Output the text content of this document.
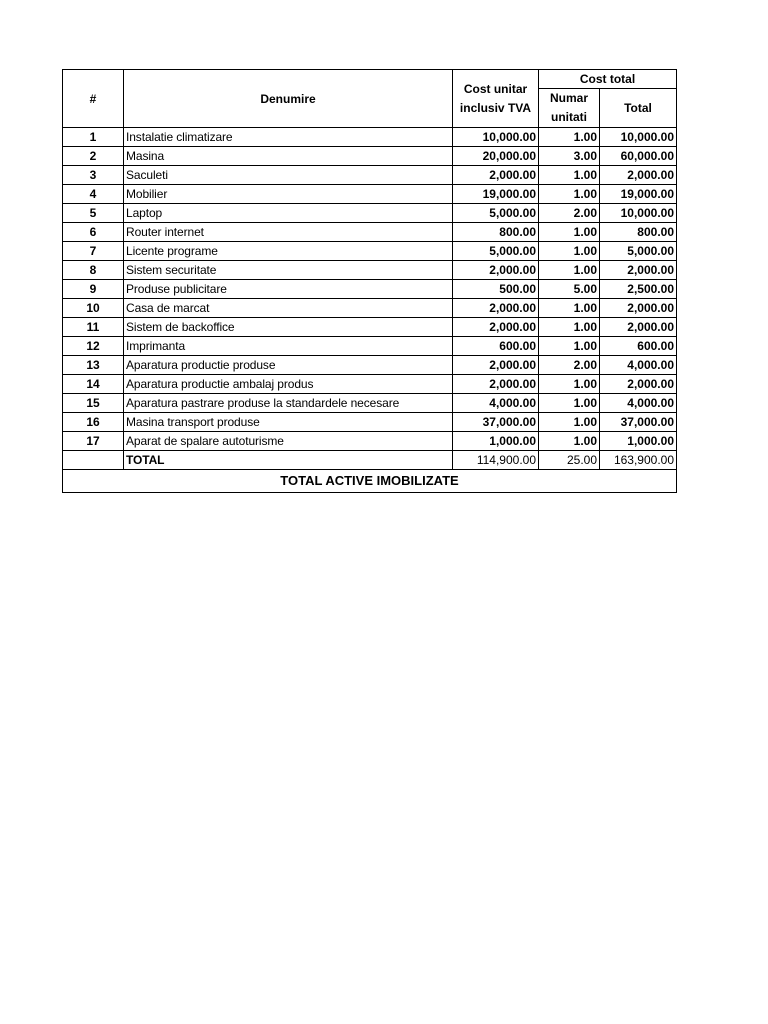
#	Denumire	Cost unitar inclusiv TVA	Cost total	
			Numar unitati	Total
1	Instalatie climatizare	10,000.00	1.00	10,000.00
2	Masina	20,000.00	3.00	60,000.00
3	Saculeti	2,000.00	1.00	2,000.00
4	Mobilier	19,000.00	1.00	19,000.00
5	Laptop	5,000.00	2.00	10,000.00
6	Router internet	800.00	1.00	800.00
7	Licente programe	5,000.00	1.00	5,000.00
8	Sistem securitate	2,000.00	1.00	2,000.00
9	Produse publicitare	500.00	5.00	2,500.00
10	Casa de marcat	2,000.00	1.00	2,000.00
11	Sistem de backoffice	2,000.00	1.00	2,000.00
12	Imprimanta	600.00	1.00	600.00
13	Aparatura productie produse	2,000.00	2.00	4,000.00
14	Aparatura productie ambalaj produs	2,000.00	1.00	2,000.00
15	Aparatura pastrare produse la standardele necesare	4,000.00	1.00	4,000.00
16	Masina transport produse	37,000.00	1.00	37,000.00
17	Aparat de spalare autoturisme	1,000.00	1.00	1,000.00
	TOTAL	114,900.00	25.00	163,900.00
TOTAL ACTIVE IMOBILIZATE				
